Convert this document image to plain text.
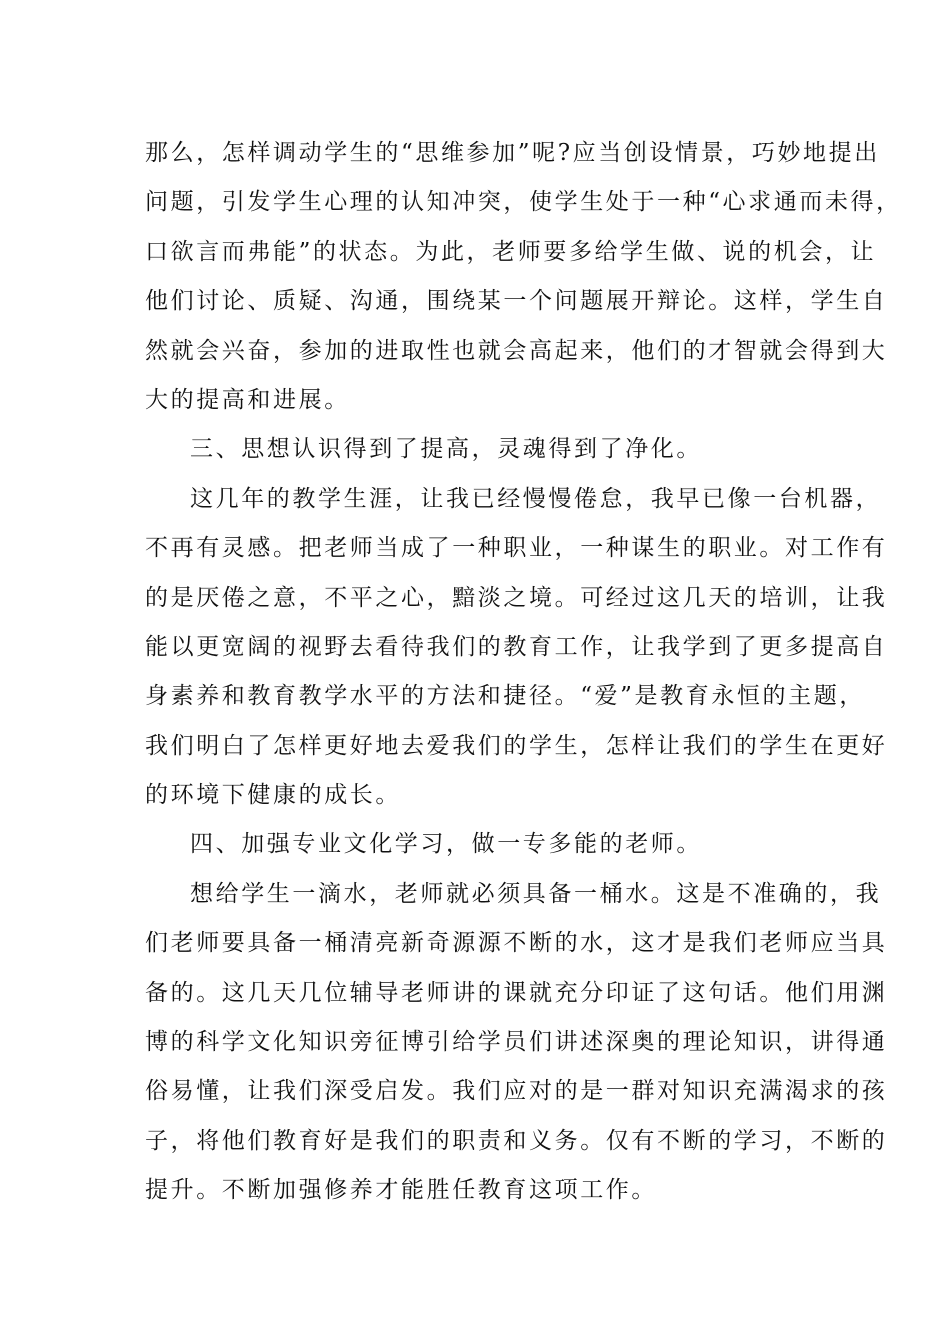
那么，怎样调动学生的“思维参加”呢?应当创设情景，巧妙地提出
问题，引发学生心理的认知冲突，使学生处于一种“心求通而未得，
口欲言而弗能”的状态。为此，老师要多给学生做、说的机会，让
他们讨论、质疑、沟通，围绕某一个问题展开辩论。这样，学生自
然就会兴奋，参加的进取性也就会高起来，他们的才智就会得到大
大的提高和进展。
三、思想认识得到了提高，灵魂得到了净化。
这几年的教学生涯，让我已经慢慢倦怠，我早已像一台机器，
不再有灵感。把老师当成了一种职业，一种谋生的职业。对工作有
的是厌倦之意，不平之心，黯淡之境。可经过这几天的培训，让我
能以更宽阔的视野去看待我们的教育工作，让我学到了更多提高自
身素养和教育教学水平的方法和捷径。“爱”是教育永恒的主题，
我们明白了怎样更好地去爱我们的学生，怎样让我们的学生在更好
的环境下健康的成长。
四、加强专业文化学习，做一专多能的老师。
想给学生一滴水，老师就必须具备一桶水。这是不准确的，我
们老师要具备一桶清亮新奇源源不断的水，这才是我们老师应当具
备的。这几天几位辅导老师讲的课就充分印证了这句话。他们用渊
博的科学文化知识旁征博引给学员们讲述深奥的理论知识，讲得通
俗易懂，让我们深受启发。我们应对的是一群对知识充满渴求的孩
子，将他们教育好是我们的职责和义务。仅有不断的学习，不断的
提升。不断加强修养才能胜任教育这项工作。
